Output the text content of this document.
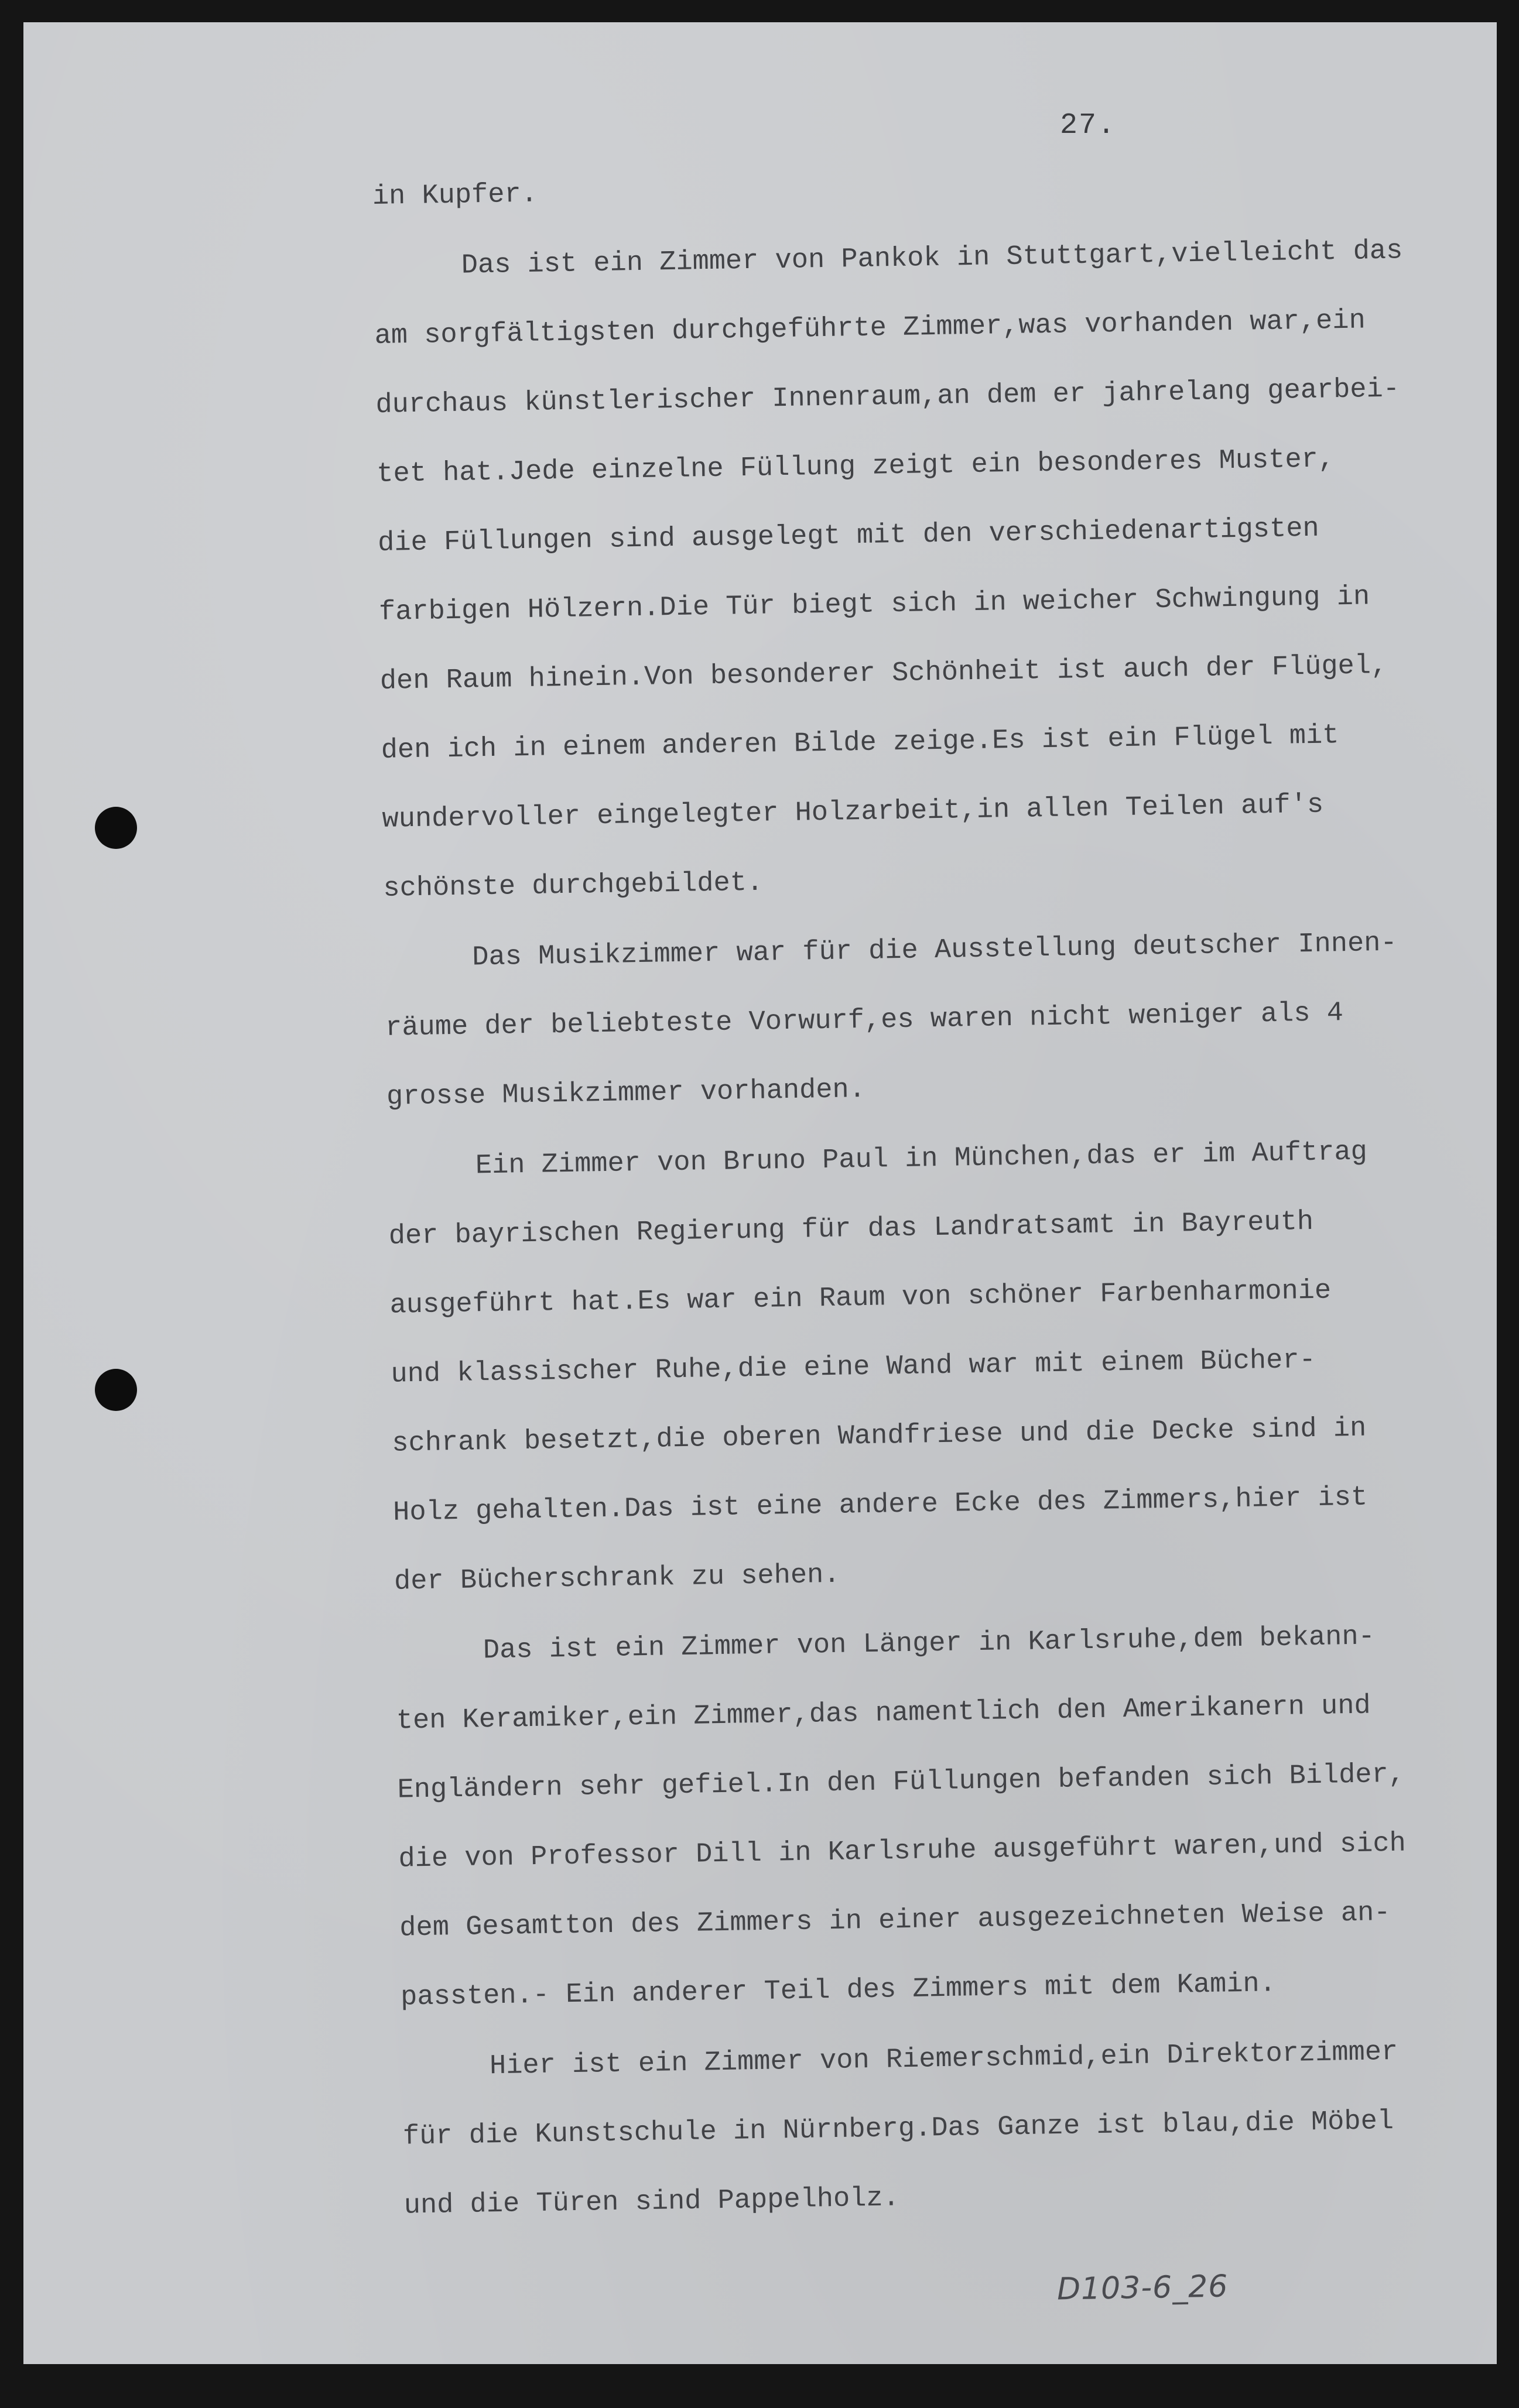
27.
in Kupfer.
Das ist ein Zimmer von Pankok in Stuttgart,vielleicht das
am sorgfältigsten durchgeführte Zimmer,was vorhanden war,ein
durchaus künstlerischer Innenraum,an dem er jahrelang gearbei-
tet hat.Jede einzelne Füllung zeigt ein besonderes Muster,
die Füllungen sind ausgelegt mit den verschiedenartigsten
farbigen Hölzern.Die Tür biegt sich in weicher Schwingung in
den Raum hinein.Von besonderer Schönheit ist auch der Flügel,
den ich in einem anderen Bilde zeige.Es ist ein Flügel mit
wundervoller eingelegter Holzarbeit,in allen Teilen auf's
schönste durchgebildet.
Das Musikzimmer war für die Ausstellung deutscher Innen-
räume der beliebteste Vorwurf,es waren nicht weniger als 4
grosse Musikzimmer vorhanden.
Ein Zimmer von Bruno Paul in München,das er im Auftrag
der bayrischen Regierung für das Landratsamt in Bayreuth
ausgeführt hat.Es war ein Raum von schöner Farbenharmonie
und klassischer Ruhe,die eine Wand war mit einem Bücher-
schrank besetzt,die oberen Wandfriese und die Decke sind in
Holz gehalten.Das ist eine andere Ecke des Zimmers,hier ist
der Bücherschrank zu sehen.
Das ist ein Zimmer von Länger in Karlsruhe,dem bekann-
ten Keramiker,ein Zimmer,das namentlich den Amerikanern und
Engländern sehr gefiel.In den Füllungen befanden sich Bilder,
die von Professor Dill in Karlsruhe ausgeführt waren,und sich
dem Gesamtton des Zimmers in einer ausgezeichneten Weise an-
passten.- Ein anderer Teil des Zimmers mit dem Kamin.
Hier ist ein Zimmer von Riemerschmid,ein Direktorzimmer
für die Kunstschule in Nürnberg.Das Ganze ist blau,die Möbel
und die Türen sind Pappelholz.
D103-6_26
